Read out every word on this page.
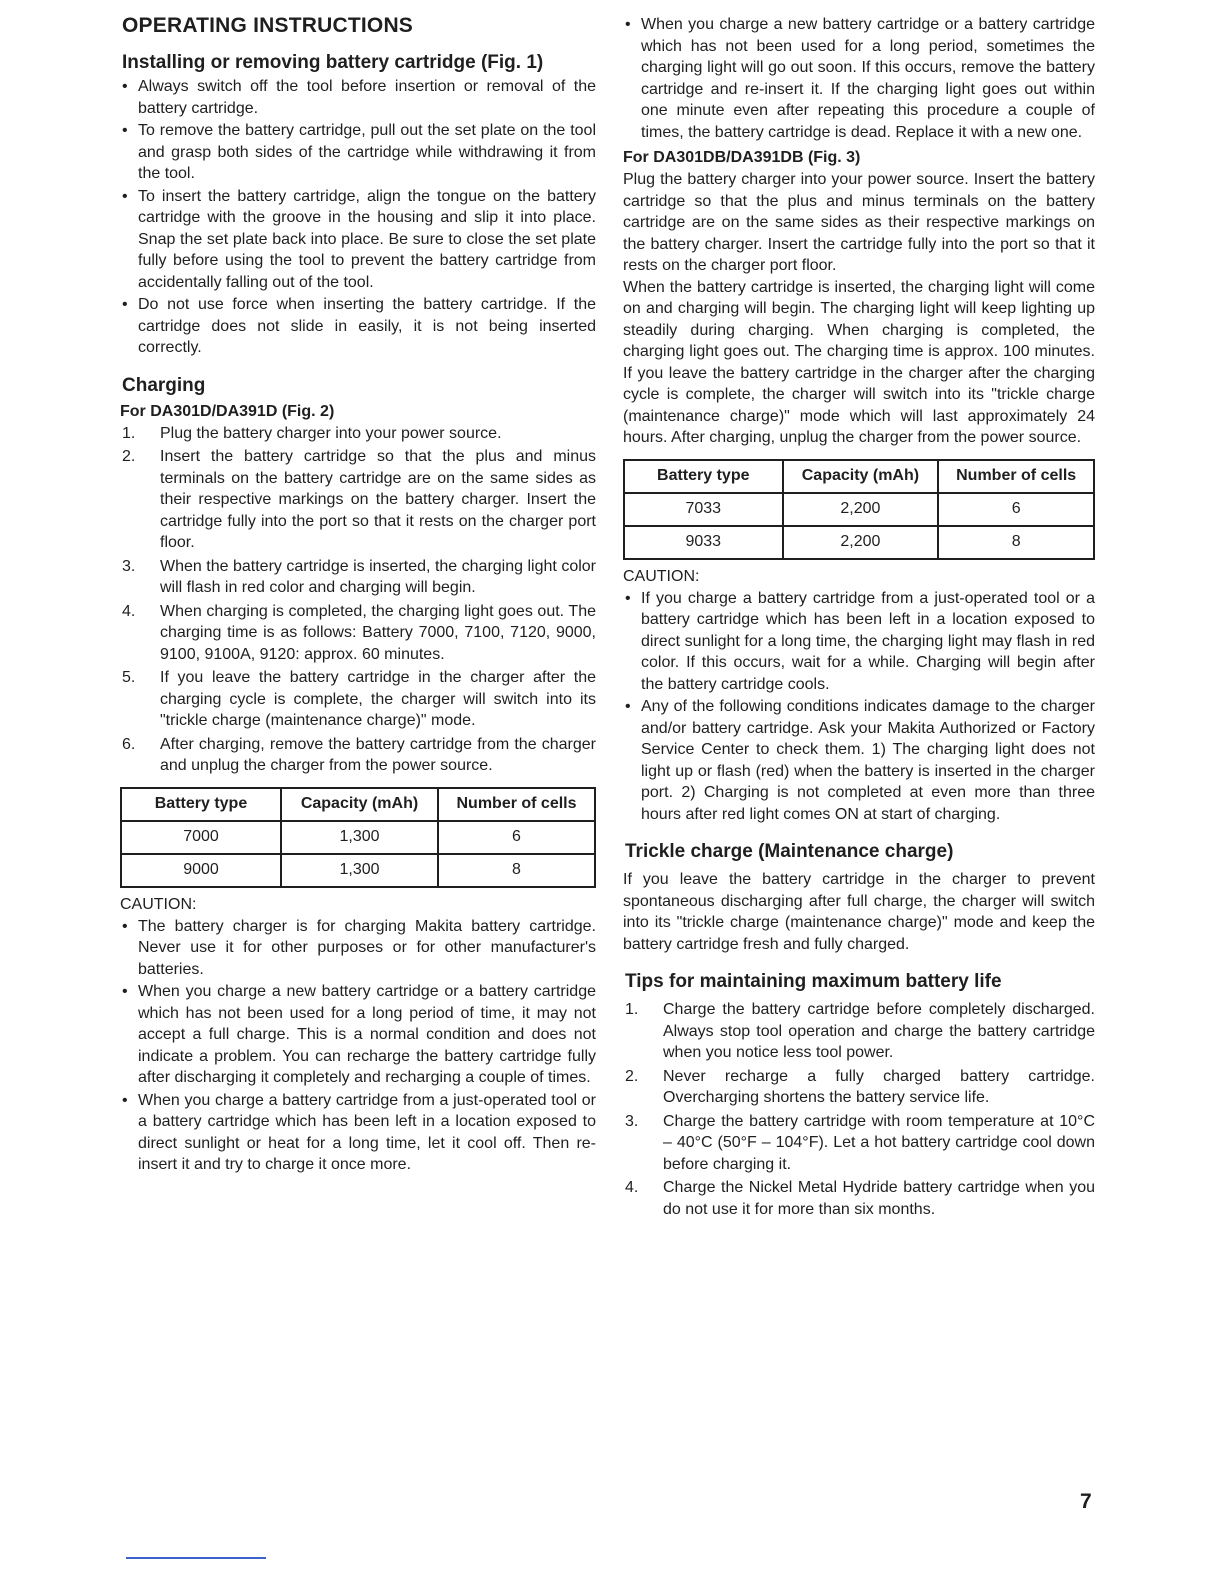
OPERATING INSTRUCTIONS
Installing or removing battery cartridge (Fig. 1)
• Always switch off the tool before insertion or removal of the battery cartridge.
• To remove the battery cartridge, pull out the set plate on the tool and grasp both sides of the cartridge while withdrawing it from the tool.
• To insert the battery cartridge, align the tongue on the battery cartridge with the groove in the housing and slip it into place. Snap the set plate back into place. Be sure to close the set plate fully before using the tool to prevent the battery cartridge from accidentally falling out of the tool.
• Do not use force when inserting the battery cartridge. If the cartridge does not slide in easily, it is not being inserted correctly.
Charging
For DA301D/DA391D (Fig. 2)
1. Plug the battery charger into your power source.
2. Insert the battery cartridge so that the plus and minus terminals on the battery cartridge are on the same sides as their respective markings on the battery charger. Insert the cartridge fully into the port so that it rests on the charger port floor.
3. When the battery cartridge is inserted, the charging light color will flash in red color and charging will begin.
4. When charging is completed, the charging light goes out. The charging time is as follows: Battery 7000, 7100, 7120, 9000, 9100, 9100A, 9120: approx. 60 minutes.
5. If you leave the battery cartridge in the charger after the charging cycle is complete, the charger will switch into its "trickle charge (maintenance charge)" mode.
6. After charging, remove the battery cartridge from the charger and unplug the charger from the power source.
Battery type	Capacity (mAh)	Number of cells
7000	1,300	6
9000	1,300	8
CAUTION:
• The battery charger is for charging Makita battery cartridge. Never use it for other purposes or for other manufacturer's batteries.
• When you charge a new battery cartridge or a battery cartridge which has not been used for a long period of time, it may not accept a full charge. This is a normal condition and does not indicate a problem. You can recharge the battery cartridge fully after discharging it completely and recharging a couple of times.
• When you charge a battery cartridge from a just-operated tool or a battery cartridge which has been left in a location exposed to direct sunlight or heat for a long time, let it cool off. Then re-insert it and try to charge it once more.
• When you charge a new battery cartridge or a battery cartridge which has not been used for a long period, sometimes the charging light will go out soon. If this occurs, remove the battery cartridge and re-insert it. If the charging light goes out within one minute even after repeating this procedure a couple of times, the battery cartridge is dead. Replace it with a new one.
For DA301DB/DA391DB (Fig. 3)

Plug the battery charger into your power source. Insert the battery cartridge so that the plus and minus terminals on the battery cartridge are on the same sides as their respective markings on the battery charger. Insert the cartridge fully into the port so that it rests on the charger port floor.

When the battery cartridge is inserted, the charging light will come on and charging will begin. The charging light will keep lighting up steadily during charging. When charging is completed, the charging light goes out. The charging time is approx. 100 minutes. If you leave the battery cartridge in the charger after the charging cycle is complete, the charger will switch into its "trickle charge (maintenance charge)" mode which will last approximately 24 hours. After charging, unplug the charger from the power source.

Battery type	Capacity (mAh)	Number of cells
7033	2,200	6
9033	2,200	8
CAUTION:
• If you charge a battery cartridge from a just-operated tool or a battery cartridge which has been left in a location exposed to direct sunlight for a long time, the charging light may flash in red color. If this occurs, wait for a while. Charging will begin after the battery cartridge cools.
• Any of the following conditions indicates damage to the charger and/or battery cartridge. Ask your Makita Authorized or Factory Service Center to check them. 1) The charging light does not light up or flash (red) when the battery is inserted in the charger port. 2) Charging is not completed at even more than three hours after red light comes ON at start of charging.
Trickle charge (Maintenance charge)

If you leave the battery cartridge in the charger to prevent spontaneous discharging after full charge, the charger will switch into its "trickle charge (maintenance charge)" mode and keep the battery cartridge fresh and fully charged.

Tips for maintaining maximum battery life
1. Charge the battery cartridge before completely discharged. Always stop tool operation and charge the battery cartridge when you notice less tool power.
2. Never recharge a fully charged battery cartridge. Overcharging shortens the battery service life.
3. Charge the battery cartridge with room temperature at 10°C – 40°C (50°F – 104°F). Let a hot battery cartridge cool down before charging it.
4. Charge the Nickel Metal Hydride battery cartridge when you do not use it for more than six months.
7
